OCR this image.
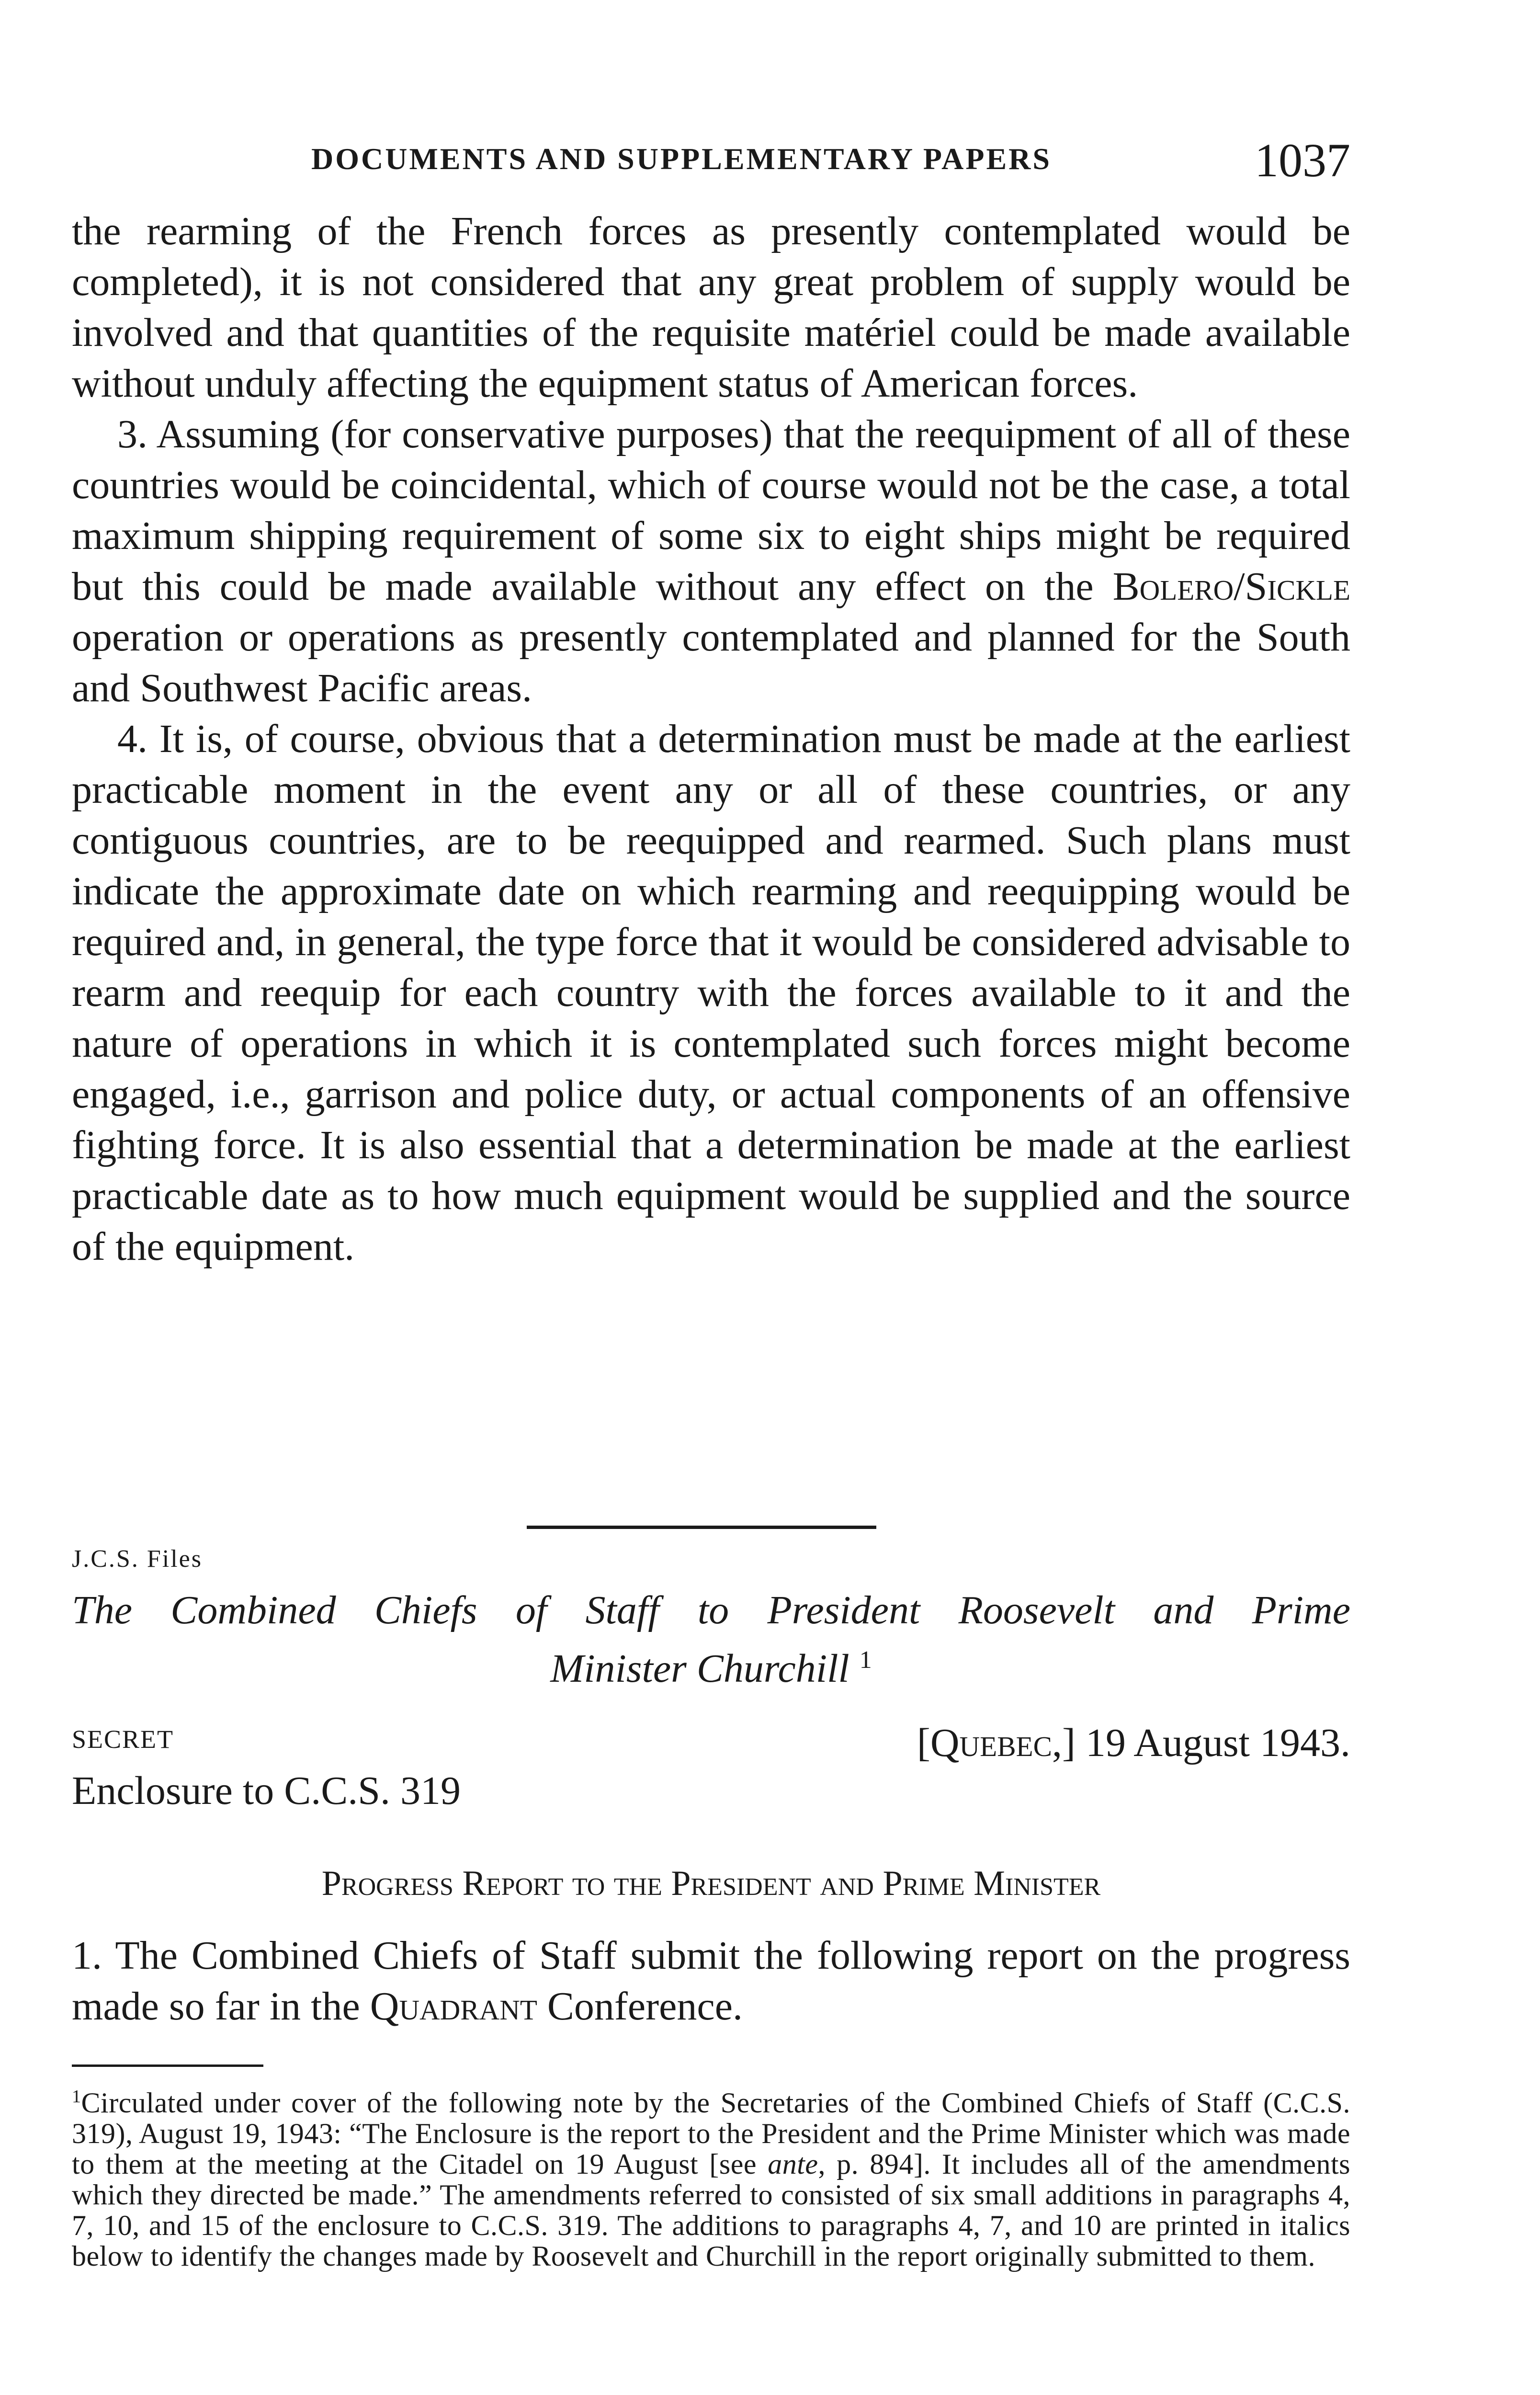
DOCUMENTS AND SUPPLEMENTARY PAPERS	1037

the rearming of the French forces as presently contemplated would be completed), it is not considered that any great problem of supply would be involved and that quantities of the requisite matériel could be made available without unduly affecting the equipment status of American forces.

3. Assuming (for conservative purposes) that the reequipment of all of these countries would be coincidental, which of course would not be the case, a total maximum shipping requirement of some six to eight ships might be required but this could be made available without any effect on the Bolero/Sickle operation or operations as presently contemplated and planned for the South and Southwest Pacific areas.

4. It is, of course, obvious that a determination must be made at the earliest practicable moment in the event any or all of these countries, or any contiguous countries, are to be reequipped and rearmed. Such plans must indicate the approximate date on which rearming and reequipping would be required and, in general, the type force that it would be considered advisable to rearm and reequip for each country with the forces available to it and the nature of operations in which it is contemplated such forces might become engaged, i.e., garrison and police duty, or actual components of an offensive fighting force. It is also essential that a determination be made at the earliest practicable date as to how much equipment would be supplied and the source of the equipment.

J.C.S. Files
The Combined Chiefs of Staff to President Roosevelt and Prime
Minister Churchill $^1$
SECRET	[Quebec,] 19 August 1943.
Enclosure to C.C.S. 319
Progress Report to the President and Prime Minister
1. The Combined Chiefs of Staff submit the following report on the progress made so far in the Quadrant Conference.
$^1$Circulated under cover of the following note by the Secretaries of the Combined Chiefs of Staff (C.C.S. 319), August 19, 1943: “The Enclosure is the report to the President and the Prime Minister which was made to them at the meeting at the Citadel on 19 August [see ante, p. 894]. It includes all of the amendments which they directed be made.” The amendments referred to consisted of six small additions in paragraphs 4, 7, 10, and 15 of the enclosure to C.C.S. 319. The additions to paragraphs 4, 7, and 10 are printed in italics below to identify the changes made by Roosevelt and Churchill in the report originally submitted to them.
